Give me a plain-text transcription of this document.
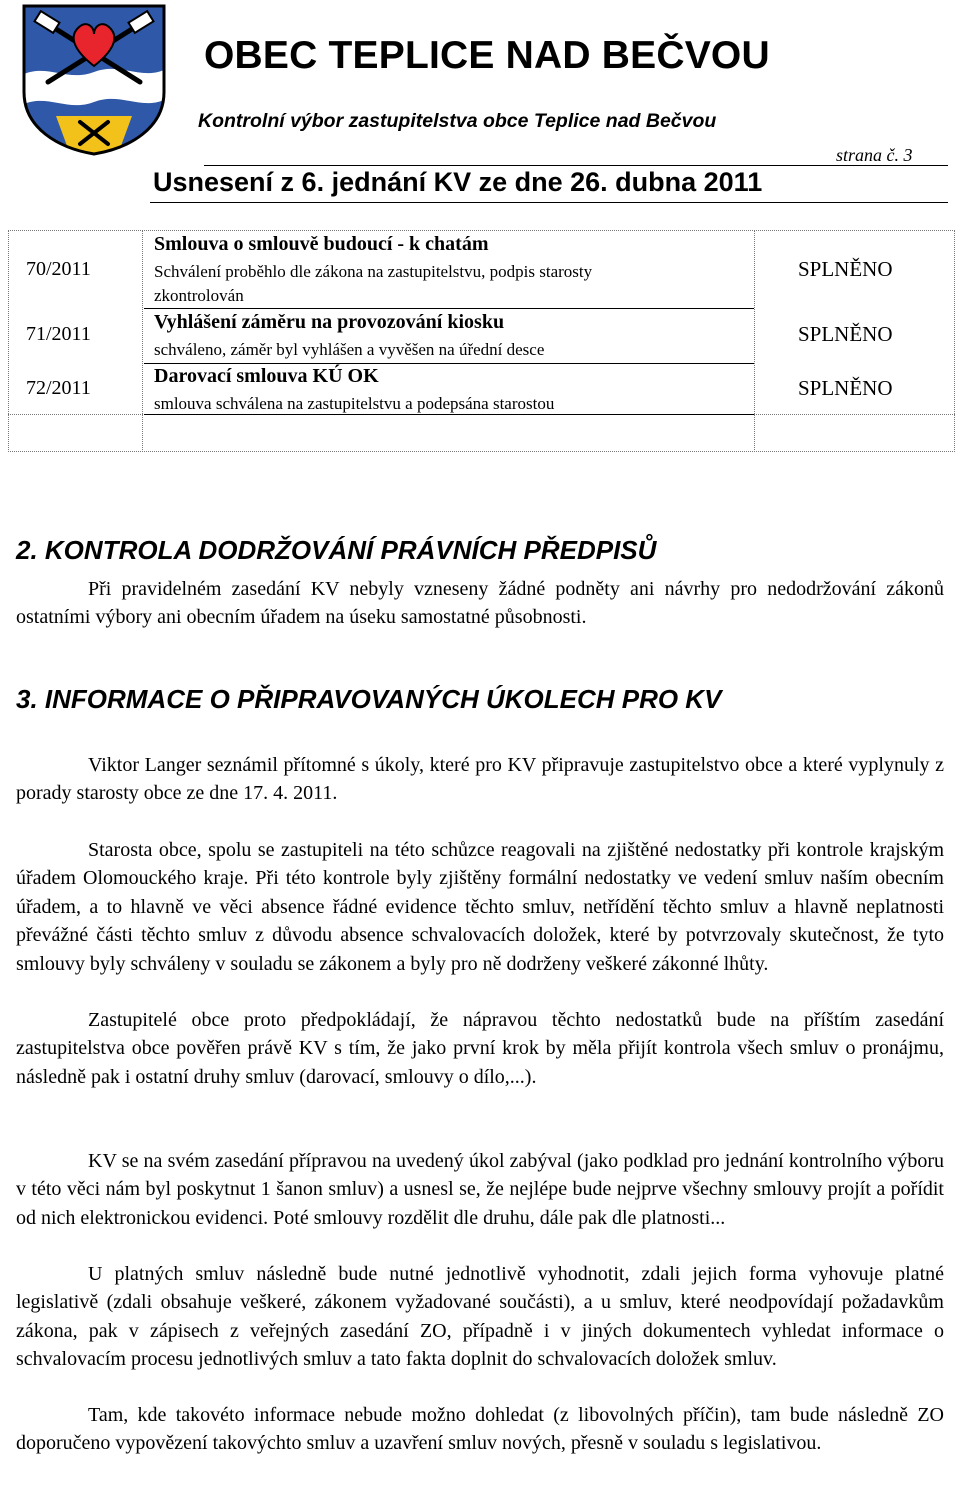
OBEC TEPLICE NAD BEČVOU
Kontrolní výbor zastupitelstva obce Teplice nad Bečvou
strana č. 3
Usnesení z 6. jednání KV ze dne 26. dubna 2011
70/2011
Smlouva o smlouvě budoucí - k chatám
Schválení proběhlo dle zákona na zastupitelstvu, podpis starosty
zkontrolován
SPLNĚNO
71/2011
Vyhlášení záměru na provozování kiosku
schváleno, záměr byl vyhlášen a vyvěšen na úřední desce
SPLNĚNO
72/2011
Darovací smlouva KÚ OK
smlouva schválena na zastupitelstvu a podepsána starostou
SPLNĚNO
2. KONTROLA DODRŽOVÁNÍ PRÁVNÍCH PŘEDPISŮ
Při pravidelném zasedání KV nebyly vzneseny žádné podněty ani návrhy pro nedodržování zákonů ostatními výbory ani obecním úřadem na úseku samostatné působnosti.
3. INFORMACE O PŘIPRAVOVANÝCH ÚKOLECH PRO KV
Viktor Langer seznámil přítomné s úkoly, které pro KV připravuje zastupitelstvo obce a které vyplynuly z porady starosty obce ze dne 17. 4. 2011.
Starosta obce, spolu se zastupiteli na této schůzce reagovali na zjištěné nedostatky při kontrole krajským úřadem Olomouckého kraje. Při této kontrole byly zjištěny formální nedostatky ve vedení smluv naším obecním úřadem, a to hlavně ve věci absence řádné evidence těchto smluv, netřídění těchto smluv a hlavně neplatnosti převážné části těchto smluv z důvodu absence schvalovacích doložek, které by potvrzovaly skutečnost, že tyto smlouvy byly schváleny v souladu se zákonem a byly pro ně dodrženy veškeré zákonné lhůty.
Zastupitelé obce proto předpokládají, že nápravou těchto nedostatků bude na příštím zasedání zastupitelstva obce pověřen právě KV s tím, že jako první krok by měla přijít kontrola všech smluv o pronájmu, následně pak i ostatní druhy smluv (darovací, smlouvy o dílo,...).
KV se na svém zasedání přípravou na uvedený úkol zabýval (jako podklad pro jednání kontrolního výboru v této věci nám byl poskytnut 1 šanon smluv) a usnesl se, že nejlépe bude nejprve všechny smlouvy projít a pořídit od nich elektronickou evidenci. Poté smlouvy rozdělit dle druhu, dále pak dle platnosti...
U platných smluv následně bude nutné jednotlivě vyhodnotit, zdali jejich forma vyhovuje platné legislativě (zdali obsahuje veškeré, zákonem vyžadované součásti), a u smluv, které neodpovídají požadavkům zákona, pak v zápisech z veřejných zasedání ZO, případně i v jiných dokumentech vyhledat informace o schvalovacím procesu jednotlivých smluv a tato fakta doplnit do schvalovacích doložek smluv.
Tam, kde takovéto informace nebude možno dohledat (z libovolných příčin), tam bude následně ZO doporučeno vypovězení takovýchto smluv a uzavření smluv nových, přesně v souladu s legislativou.
